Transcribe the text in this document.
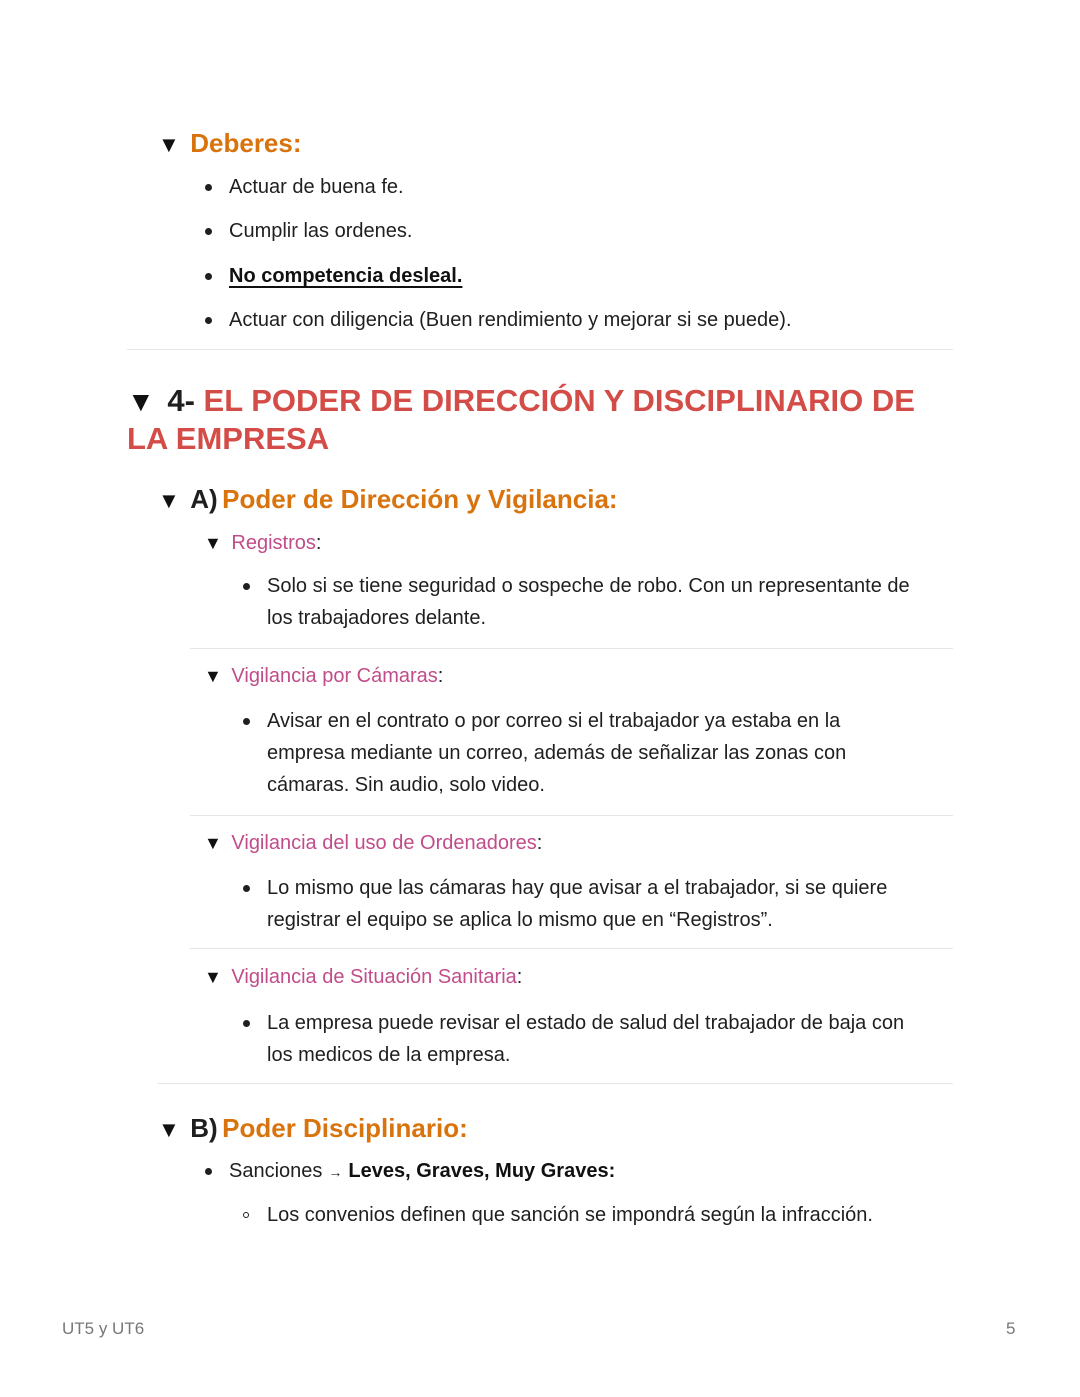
▼ Deberes:
Actuar de buena fe.
Cumplir las ordenes.
No competencia desleal.
Actuar con diligencia (Buen rendimiento y mejorar si se puede).
▼ 4- EL PODER DE DIRECCIÓN Y DISCIPLINARIO DE
LA EMPRESA
▼ A) Poder de Dirección y Vigilancia:
▼ Registros:
Solo si se tiene seguridad o sospeche de robo. Con un representante de
los trabajadores delante.
▼ Vigilancia por Cámaras:
Avisar en el contrato o por correo si el trabajador ya estaba en la
empresa mediante un correo, además de señalizar las zonas con
cámaras. Sin audio, solo video.
▼ Vigilancia del uso de Ordenadores:
Lo mismo que las cámaras hay que avisar a el trabajador, si se quiere
registrar el equipo se aplica lo mismo que en “Registros”.
▼ Vigilancia de Situación Sanitaria:
La empresa puede revisar el estado de salud del trabajador de baja con
los medicos de la empresa.
▼ B) Poder Disciplinario:
Sanciones → Leves, Graves, Muy Graves:
Los convenios definen que sanción se impondrá según la infracción.
UT5 y UT6	5
